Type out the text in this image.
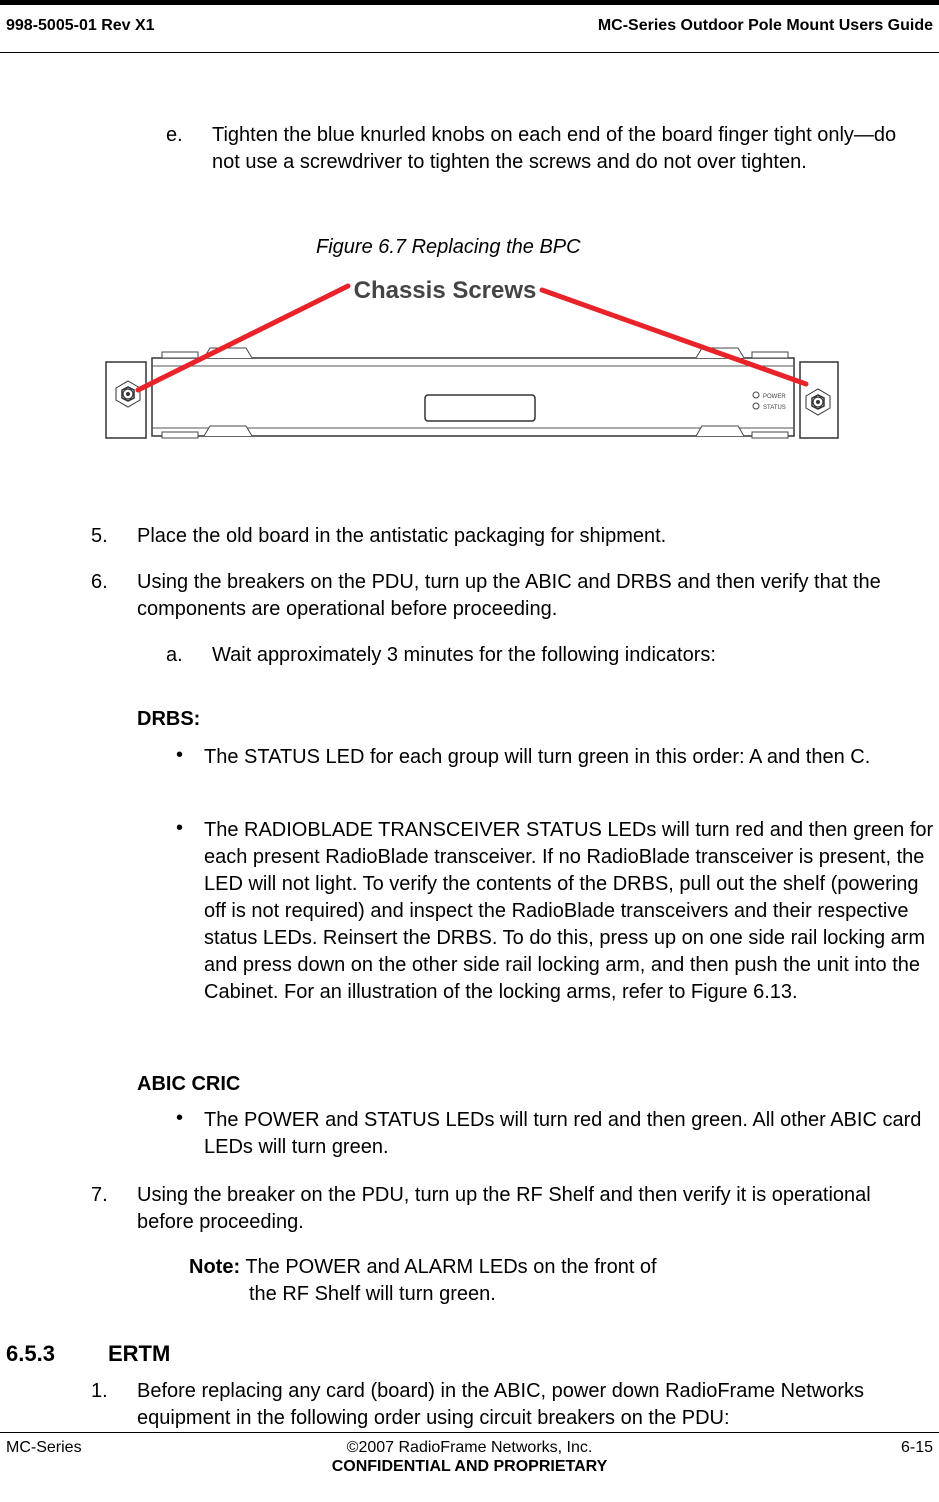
998-5005-01 Rev X1	MC-Series Outdoor Pole Mount Users Guide
e. Tighten the blue knurled knobs on each end of the board finger tight only—do not use a screwdriver to tighten the screws and do not over tighten.
Figure 6.7 Replacing the BPC
POWER
STATUS
Chassis Screws
5. Place the old board in the antistatic packaging for shipment.
6. Using the breakers on the PDU, turn up the ABIC and DRBS and then verify that the components are operational before proceeding.
a. Wait approximately 3 minutes for the following indicators:
DRBS:
• The STATUS LED for each group will turn green in this order: A and then C.
• The RADIOBLADE TRANSCEIVER STATUS LEDs will turn red and then green for each present RadioBlade transceiver. If no RadioBlade transceiver is present, the LED will not light. To verify the contents of the DRBS, pull out the shelf (powering off is not required) and inspect the RadioBlade transceivers and their respective status LEDs. Reinsert the DRBS. To do this, press up on one side rail locking arm and press down on the other side rail locking arm, and then push the unit into the Cabinet. For an illustration of the locking arms, refer to Figure 6.13.
ABIC CRIC
• The POWER and STATUS LEDs will turn red and then green. All other ABIC card LEDs will turn green.
7. Using the breaker on the PDU, turn up the RF Shelf and then verify it is operational before proceeding.
Note: The POWER and ALARM LEDs on the front of
the RF Shelf will turn green.
6.5.3 ERTM
1. Before replacing any card (board) in the ABIC, power down RadioFrame Networks equipment in the following order using circuit breakers on the PDU:
MC-Series	©2007 RadioFrame Networks, Inc.
CONFIDENTIAL AND PROPRIETARY
6-15
